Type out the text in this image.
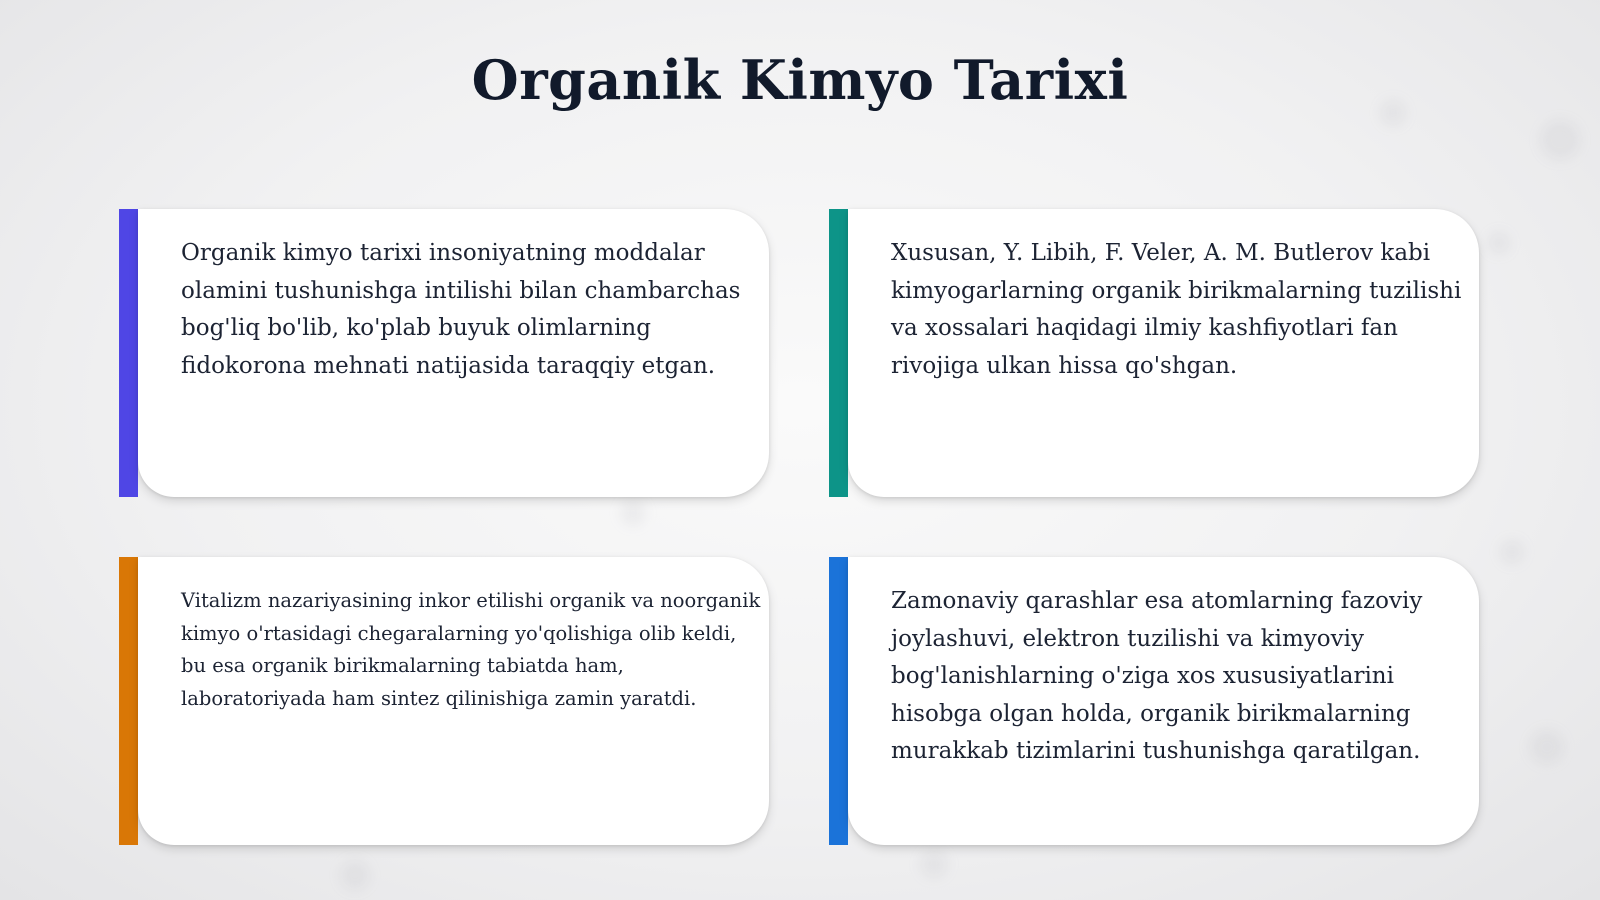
Organik Kimyo Tarixi

Organik kimyo tarixi insoniyatning moddalar olamini tushunishga intilishi bilan chambarchas bog'liq bo'lib, ko'plab buyuk olimlarning fidokorona mehnati natijasida taraqqiy etgan.

Xususan, Y. Libih, F. Veler, A. M. Butlerov kabi kimyogarlarning organik birikmalarning tuzilishi va xossalari haqidagi ilmiy kashfiyotlari fan rivojiga ulkan hissa qo'shgan.

Vitalizm nazariyasining inkor etilishi organik va noorganik kimyo o'rtasidagi chegaralarning yo'qolishiga olib keldi, bu esa organik birikmalarning tabiatda ham, laboratoriyada ham sintez qilinishiga zamin yaratdi.

Zamonaviy qarashlar esa atomlarning fazoviy joylashuvi, elektron tuzilishi va kimyoviy bog'lanishlarning o'ziga xos xususiyatlarini hisobga olgan holda, organik birikmalarning murakkab tizimlarini tushunishga qaratilgan.
